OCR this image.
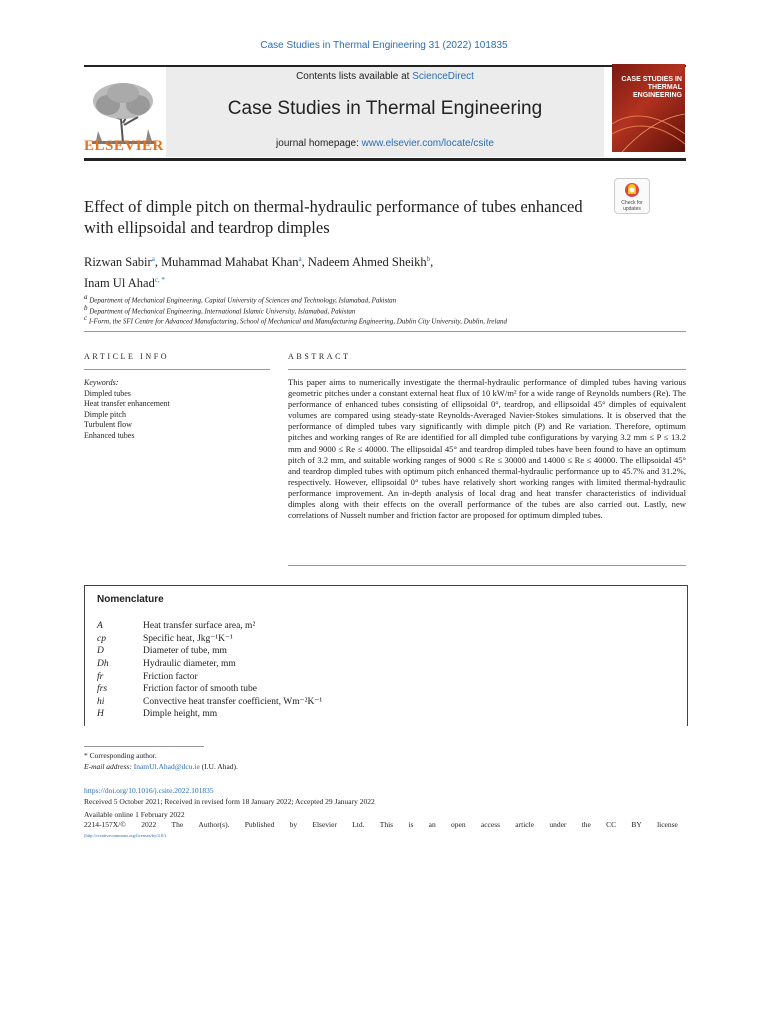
Case Studies in Thermal Engineering 31 (2022) 101835
ELSEVIER
Contents lists available at ScienceDirect
Case Studies in Thermal Engineering
journal homepage: www.elsevier.com/locate/csite
CASE STUDIES IN THERMAL ENGINEERING
Check for updates
Effect of dimple pitch on thermal-hydraulic performance of tubes enhanced with ellipsoidal and teardrop dimples
Rizwan Sabir$^a$, Muhammad Mahabat Khan$^a$, Nadeem Ahmed Sheikh$^b$,
Inam Ul Ahad$^{c, *}$
$^a$ Department of Mechanical Engineering, Capital University of Sciences and Technology, Islamabad, Pakistan
$^b$ Department of Mechanical Engineering, International Islamic University, Islamabad, Pakistan
$^c$ I-Form, the SFI Centre for Advanced Manufacturing, School of Mechanical and Manufacturing Engineering, Dublin City University, Dublin, Ireland
ARTICLE INFO	ABSTRACT
Keywords:
Dimpled tubes
Heat transfer enhancement
Dimple pitch
Turbulent flow
Enhanced tubes
This paper aims to numerically investigate the thermal-hydraulic performance of dimpled tubes having various geometric pitches under a constant external heat flux of 10 kW/m² for a wide range of Reynolds numbers (Re). The performance of enhanced tubes consisting of ellipsoidal 0°, teardrop, and ellipsoidal 45° dimples of equivalent volumes are compared using steady-state Reynolds-Averaged Navier-Stokes simulations. It is observed that the performance of dimpled tubes vary significantly with dimple pitch (P) and Re variation. Therefore, optimum pitches and working ranges of Re are identified for all dimpled tube configurations by varying 3.2 mm ≤ P ≤ 13.2 mm and 9000 ≤ Re ≤ 40000. The ellipsoidal 45° and teardrop dimpled tubes have been found to have an optimum pitch of 3.2 mm, and suitable working ranges of 9000 ≤ Re ≤ 30000 and 14000 ≤ Re ≤ 40000. The ellipsoidal 45° and teardrop dimpled tubes with optimum pitch enhanced thermal-hydraulic performance up to 45.7% and 31.2%, respectively. However, ellipsoidal 0° tubes have relatively short working ranges with limited thermal-hydraulic performance improvement. An in-depth analysis of local drag and heat transfer characteristics of individual dimples along with their effects on the overall performance of the tubes are also carried out. Lastly, new correlations of Nusselt number and friction factor are proposed for optimum dimpled tubes.
Nomenclature
A	Heat transfer surface area, m²
cp	Specific heat, Jkg⁻¹K⁻¹
D	Diameter of tube, mm
Dh	Hydraulic diameter, mm
fr	Friction factor
frs	Friction factor of smooth tube
hi	Convective heat transfer coefficient, Wm⁻²K⁻¹
H	Dimple height, mm
* Corresponding author.
E-mail address: InamUl.Ahad@dcu.ie (I.U. Ahad).
https://doi.org/10.1016/j.csite.2022.101835
Received 5 October 2021; Received in revised form 18 January 2022; Accepted 29 January 2022
Available online 1 February 2022
2214-157X/© 2022 The Author(s). Published by Elsevier Ltd. This is an open access article under the CC BY license
(http://creativecommons.org/licenses/by/4.0/).
